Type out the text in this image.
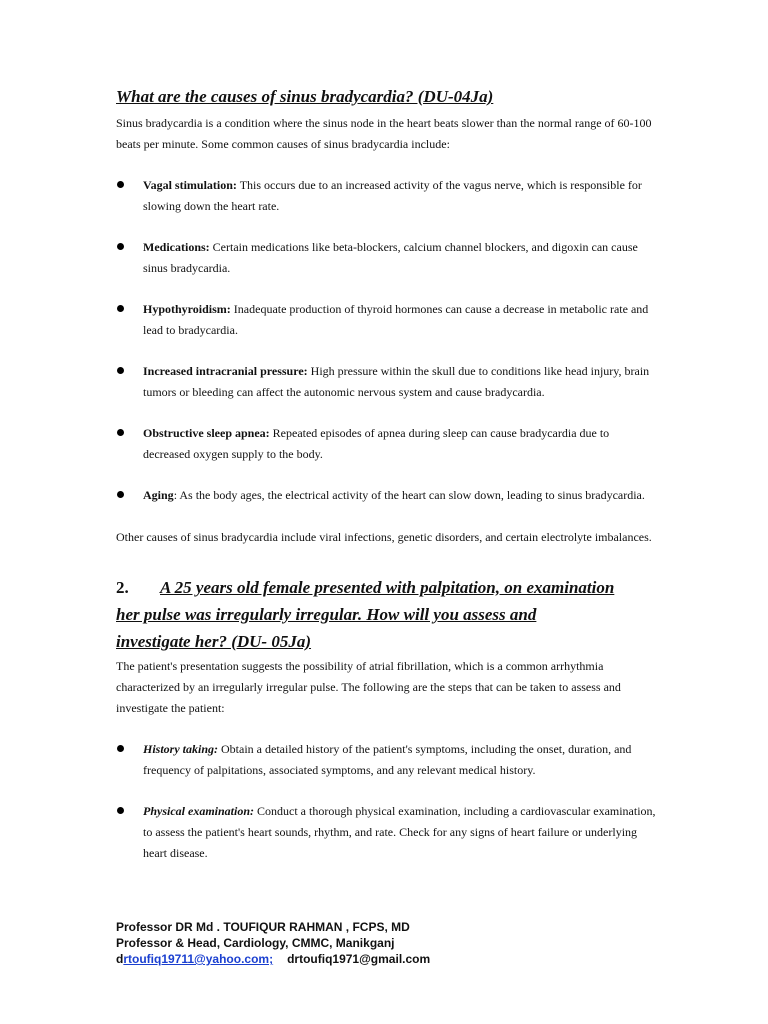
What are the causes of sinus bradycardia? (DU-04Ja)

Sinus bradycardia is a condition where the sinus node in the heart beats slower than the normal range of 60-100 beats per minute. Some common causes of sinus bradycardia include:

Vagal stimulation: This occurs due to an increased activity of the vagus nerve, which is responsible for slowing down the heart rate.
Medications: Certain medications like beta-blockers, calcium channel blockers, and digoxin can cause sinus bradycardia.
Hypothyroidism: Inadequate production of thyroid hormones can cause a decrease in metabolic rate and lead to bradycardia.
Increased intracranial pressure: High pressure within the skull due to conditions like head injury, brain tumors or bleeding can affect the autonomic nervous system and cause bradycardia.
Obstructive sleep apnea: Repeated episodes of apnea during sleep can cause bradycardia due to decreased oxygen supply to the body.
Aging: As the body ages, the electrical activity of the heart can slow down, leading to sinus bradycardia.

Other causes of sinus bradycardia include viral infections, genetic disorders, and certain electrolyte imbalances.

2. A 25 years old female presented with palpitation, on examination
her pulse was irregularly irregular. How will you assess and
investigate her? (DU- 05Ja)

The patient's presentation suggests the possibility of atrial fibrillation, which is a common arrhythmia characterized by an irregularly irregular pulse. The following are the steps that can be taken to assess and investigate the patient:

History taking: Obtain a detailed history of the patient's symptoms, including the onset, duration, and frequency of palpitations, associated symptoms, and any relevant medical history.
Physical examination: Conduct a thorough physical examination, including a cardiovascular examination, to assess the patient's heart sounds, rhythm, and rate. Check for any signs of heart failure or underlying heart disease.
Professor DR Md . TOUFIQUR RAHMAN , FCPS, MD
Professor & Head, Cardiology, CMMC, Manikganj
drtoufiq19711@yahoo.com; drtoufiq1971@gmail.com
